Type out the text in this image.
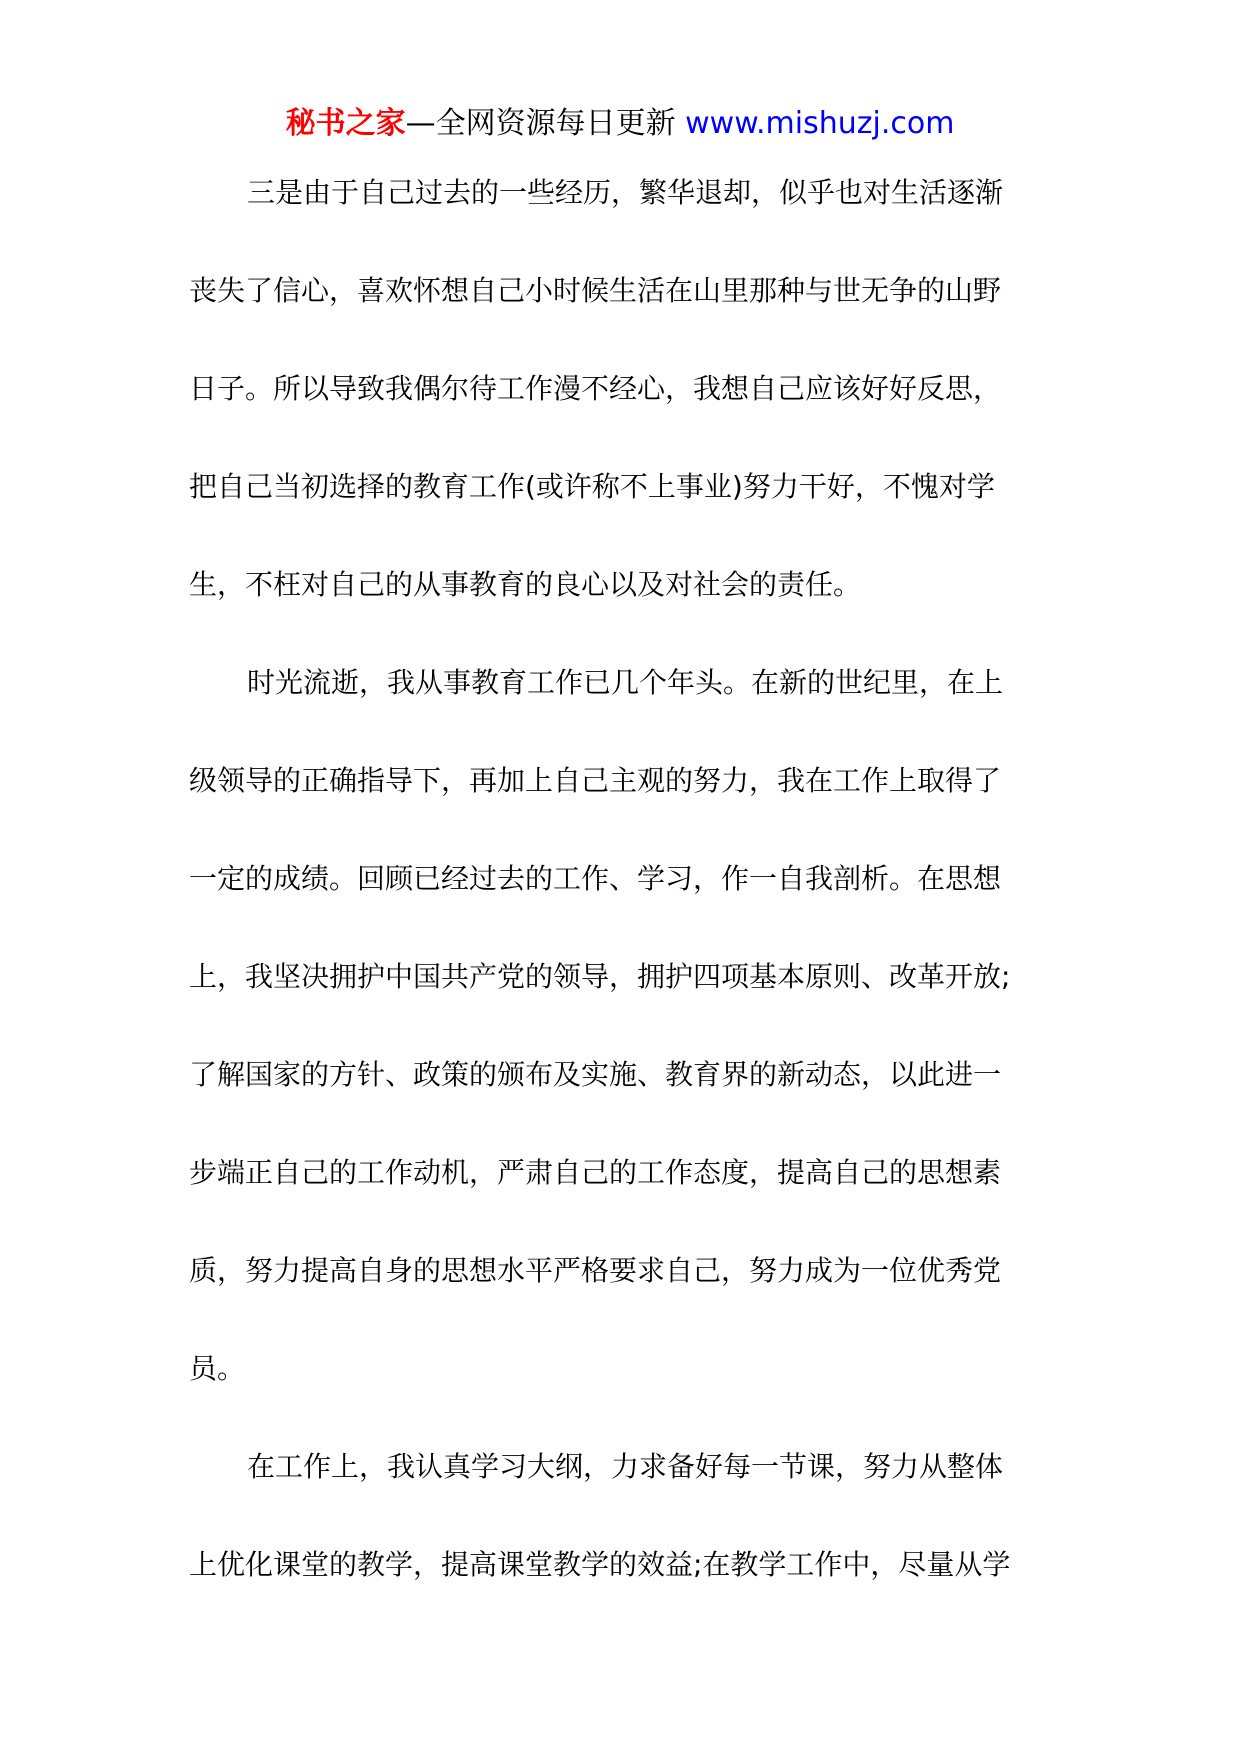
秘书之家—全网资源每日更新 www.mishuzj.com
三是由于自己过去的一些经历，繁华退却，似乎也对生活逐渐
丧失了信心，喜欢怀想自己小时候生活在山里那种与世无争的山野
日子。所以导致我偶尔待工作漫不经心，我想自己应该好好反思，
把自己当初选择的教育工作(或许称不上事业)努力干好，不愧对学
生，不枉对自己的从事教育的良心以及对社会的责任。
时光流逝，我从事教育工作已几个年头。在新的世纪里，在上
级领导的正确指导下，再加上自己主观的努力，我在工作上取得了
一定的成绩。回顾已经过去的工作、学习，作一自我剖析。在思想
上，我坚决拥护中国共产党的领导，拥护四项基本原则、改革开放;
了解国家的方针、政策的颁布及实施、教育界的新动态，以此进一
步端正自己的工作动机，严肃自己的工作态度，提高自己的思想素
质，努力提高自身的思想水平严格要求自己，努力成为一位优秀党
员。
在工作上，我认真学习大纲，力求备好每一节课，努力从整体
上优化课堂的教学，提高课堂教学的效益;在教学工作中，尽量从学
